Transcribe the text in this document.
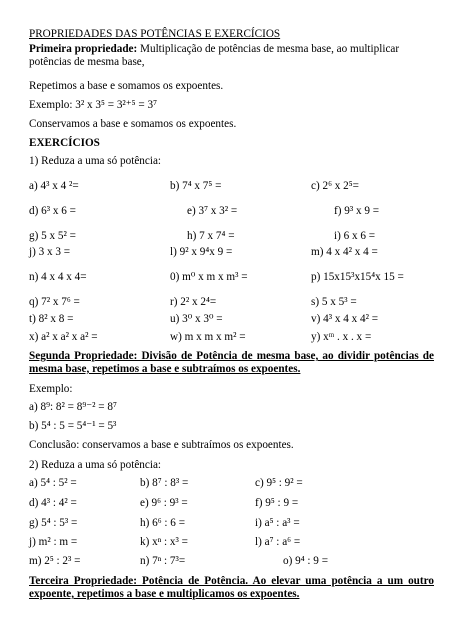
PROPRIEDADES DAS POTÊNCIAS E EXERCÍCIOS
Primeira propriedade: Multiplicação de potências de mesma base, ao multiplicar potências de mesma base,
Repetimos a base e somamos os expoentes.
Exemplo: 3² x 3⁵ = 3²⁺⁵ = 3⁷
Conservamos a base e somamos os expoentes.
EXERCÍCIOS
1) Reduza a uma só potência:
a) 4³ x 4 ²=	b) 7⁴ x 7⁵ =	c) 2⁶ x 2⁵=
d) 6³ x 6 =	e) 3⁷ x 3² =	f) 9³ x 9 =
g) 5 x 5² =	h) 7 x 7⁴ =	i) 6 x 6 =
j) 3 x 3 =	l) 9² x 9⁴x 9 =	m) 4 x 4² x 4 =
n) 4 x 4 x 4=	0) m⁰ x m x m³ =	p) 15x15³x15⁴x 15 =
q) 7² x 7⁶ =	r) 2² x 2⁴=	s) 5 x 5³ =
t) 8² x 8 =	u) 3⁰ x 3⁰ =	v) 4³ x 4 x 4² =
x) a² x a² x a² =	w) m x m x m² =	y) xᵐ . x . x =
Segunda Propriedade: Divisão de Potência de mesma base, ao dividir potências de mesma base, repetimos a base e subtraímos os expoentes.
Exemplo:
a) 8⁹: 8² = 8⁹⁻² = 8⁷
b) 5⁴ : 5 = 5⁴⁻¹ = 5³
Conclusão: conservamos a base e subtraímos os expoentes.
2) Reduza a uma só potência:
a) 5⁴ : 5² =	b) 8⁷ : 8³ =	c) 9⁵ : 9² =
d) 4³ : 4² =	e) 9⁶ : 9³ =	f) 9⁵ : 9 =
g) 5⁴ : 5³ =	h) 6⁶ : 6 =	i) a⁵ : a³ =
j) m² : m =	k) xⁿ : x³ =	l) a⁷ : a⁶ =
m) 2⁵ : 2³ =	n) 7ⁿ : 7³=	o) 9⁴ : 9 =
Terceira Propriedade: Potência de Potência. Ao elevar uma potência a um outro expoente, repetimos a base e multiplicamos os expoentes.
